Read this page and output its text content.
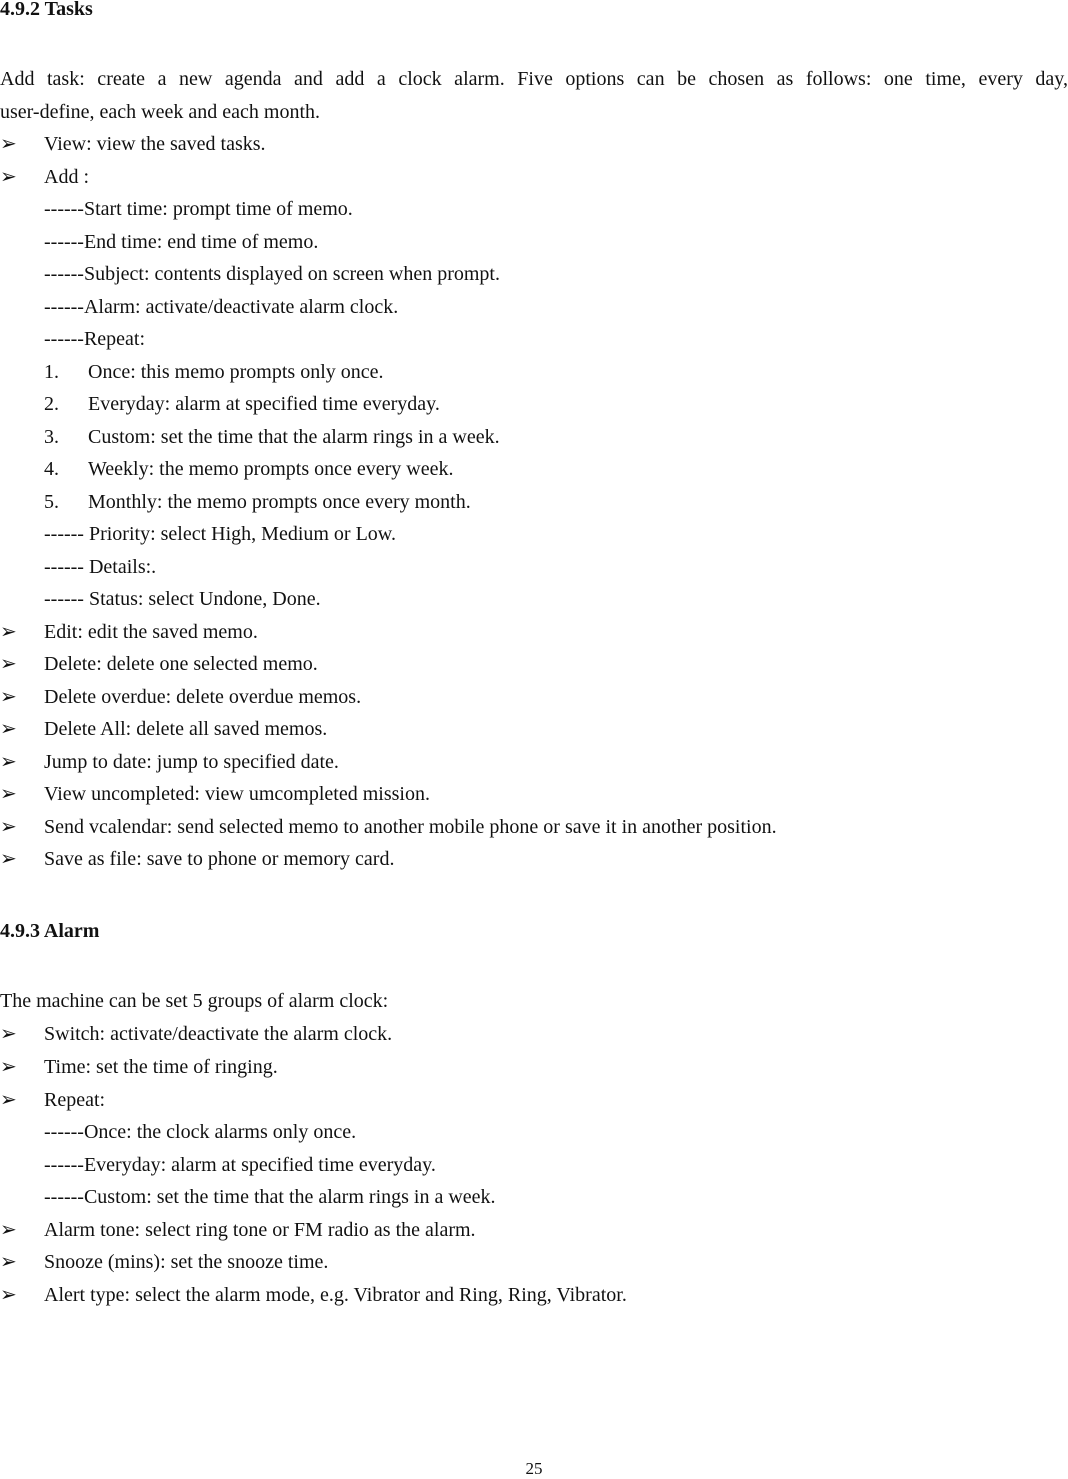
4.9.2 Tasks
Add task: create a new agenda and add a clock alarm. Five options can be chosen as follows: one time, every day,
user-define, each week and each month.
➢	View: view the saved tasks.
➢	Add :
------Start time: prompt time of memo.
------End time: end time of memo.
------Subject: contents displayed on screen when prompt.
------Alarm: activate/deactivate alarm clock.
------Repeat:
1. Once: this memo prompts only once.
2. Everyday: alarm at specified time everyday.
3. Custom: set the time that the alarm rings in a week.
4. Weekly: the memo prompts once every week.
5. Monthly: the memo prompts once every month.
------ Priority: select High, Medium or Low.
------ Details:.
------ Status: select Undone, Done.
➢	Edit: edit the saved memo.
➢	Delete: delete one selected memo.
➢	Delete overdue: delete overdue memos.
➢	Delete All: delete all saved memos.
➢	Jump to date: jump to specified date.
➢	View uncompleted: view umcompleted mission.
➢	Send vcalendar: send selected memo to another mobile phone or save it in another position.
➢	Save as file: save to phone or memory card.
4.9.3 Alarm
The machine can be set 5 groups of alarm clock:
➢	Switch: activate/deactivate the alarm clock.
➢	Time: set the time of ringing.
➢	Repeat:
------Once: the clock alarms only once.
------Everyday: alarm at specified time everyday.
------Custom: set the time that the alarm rings in a week.
➢	Alarm tone: select ring tone or FM radio as the alarm.
➢	Snooze (mins): set the snooze time.
➢	Alert type: select the alarm mode, e.g. Vibrator and Ring, Ring, Vibrator.
25
